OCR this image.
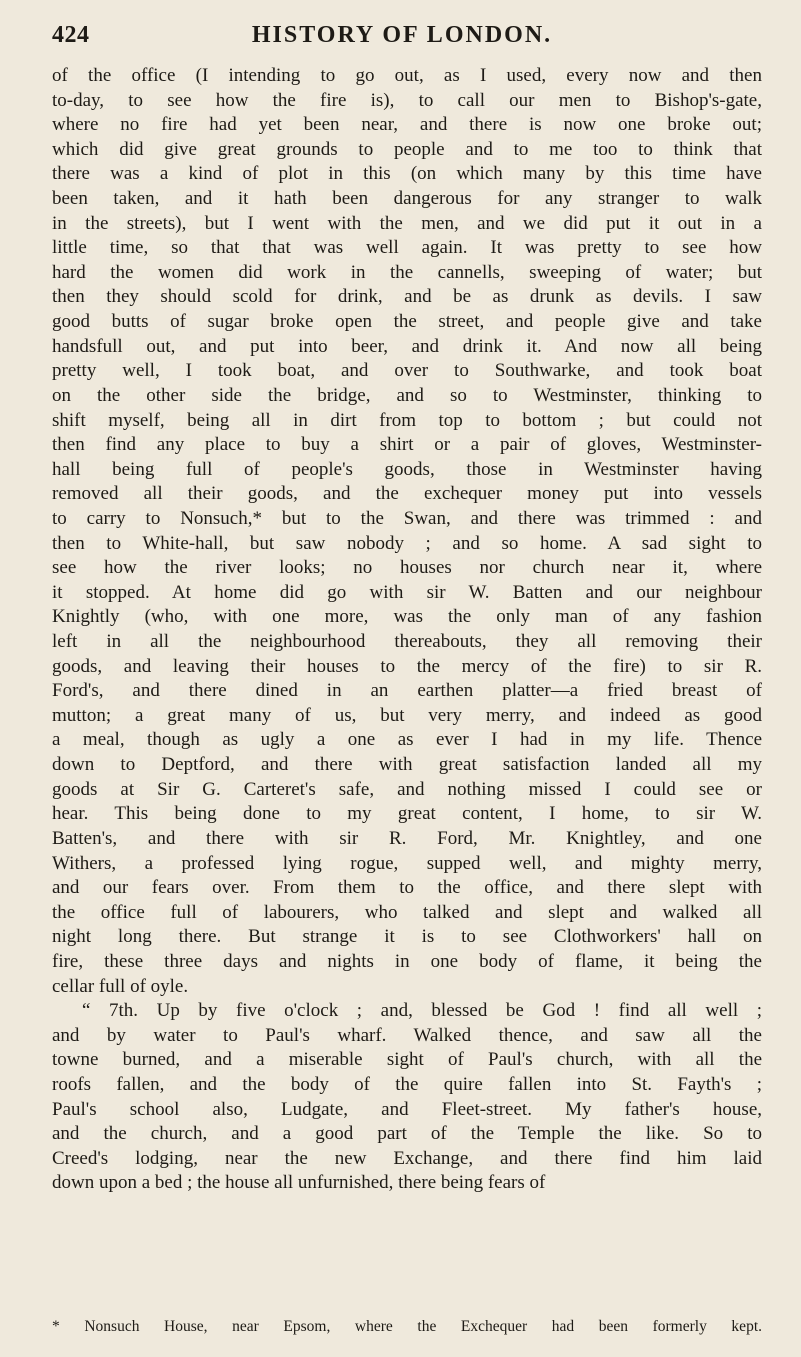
424	HISTORY OF LONDON.
of the office (I intending to go out, as I used, every now and then
to-day, to see how the fire is), to call our men to Bishop's-gate,
where no fire had yet been near, and there is now one broke out;
which did give great grounds to people and to me too to think that
there was a kind of plot in this (on which many by this time have
been taken, and it hath been dangerous for any stranger to walk
in the streets), but I went with the men, and we did put it out in a
little time, so that that was well again. It was pretty to see how
hard the women did work in the cannells, sweeping of water; but
then they should scold for drink, and be as drunk as devils. I saw
good butts of sugar broke open the street, and people give and take
handsfull out, and put into beer, and drink it. And now all being
pretty well, I took boat, and over to Southwarke, and took boat
on the other side the bridge, and so to Westminster, thinking to
shift myself, being all in dirt from top to bottom ; but could not
then find any place to buy a shirt or a pair of gloves, Westminster-
hall being full of people's goods, those in Westminster having
removed all their goods, and the exchequer money put into vessels
to carry to Nonsuch,* but to the Swan, and there was trimmed : and
then to White-hall, but saw nobody ; and so home. A sad sight to
see how the river looks; no houses nor church near it, where
it stopped. At home did go with sir W. Batten and our neighbour
Knightly (who, with one more, was the only man of any fashion
left in all the neighbourhood thereabouts, they all removing their
goods, and leaving their houses to the mercy of the fire) to sir R.
Ford's, and there dined in an earthen platter—a fried breast of
mutton; a great many of us, but very merry, and indeed as good
a meal, though as ugly a one as ever I had in my life. Thence
down to Deptford, and there with great satisfaction landed all my
goods at Sir G. Carteret's safe, and nothing missed I could see or
hear. This being done to my great content, I home, to sir W.
Batten's, and there with sir R. Ford, Mr. Knightley, and one
Withers, a professed lying rogue, supped well, and mighty merry,
and our fears over. From them to the office, and there slept with
the office full of labourers, who talked and slept and walked all
night long there. But strange it is to see Clothworkers' hall on
fire, these three days and nights in one body of flame, it being the
cellar full of oyle.
“ 7th. Up by five o'clock ; and, blessed be God ! find all well ;
and by water to Paul's wharf. Walked thence, and saw all the
towne burned, and a miserable sight of Paul's church, with all the
roofs fallen, and the body of the quire fallen into St. Fayth's ;
Paul's school also, Ludgate, and Fleet-street. My father's house,
and the church, and a good part of the Temple the like. So to
Creed's lodging, near the new Exchange, and there find him laid
down upon a bed ; the house all unfurnished, there being fears of
* Nonsuch House, near Epsom, where the Exchequer had been formerly kept.
